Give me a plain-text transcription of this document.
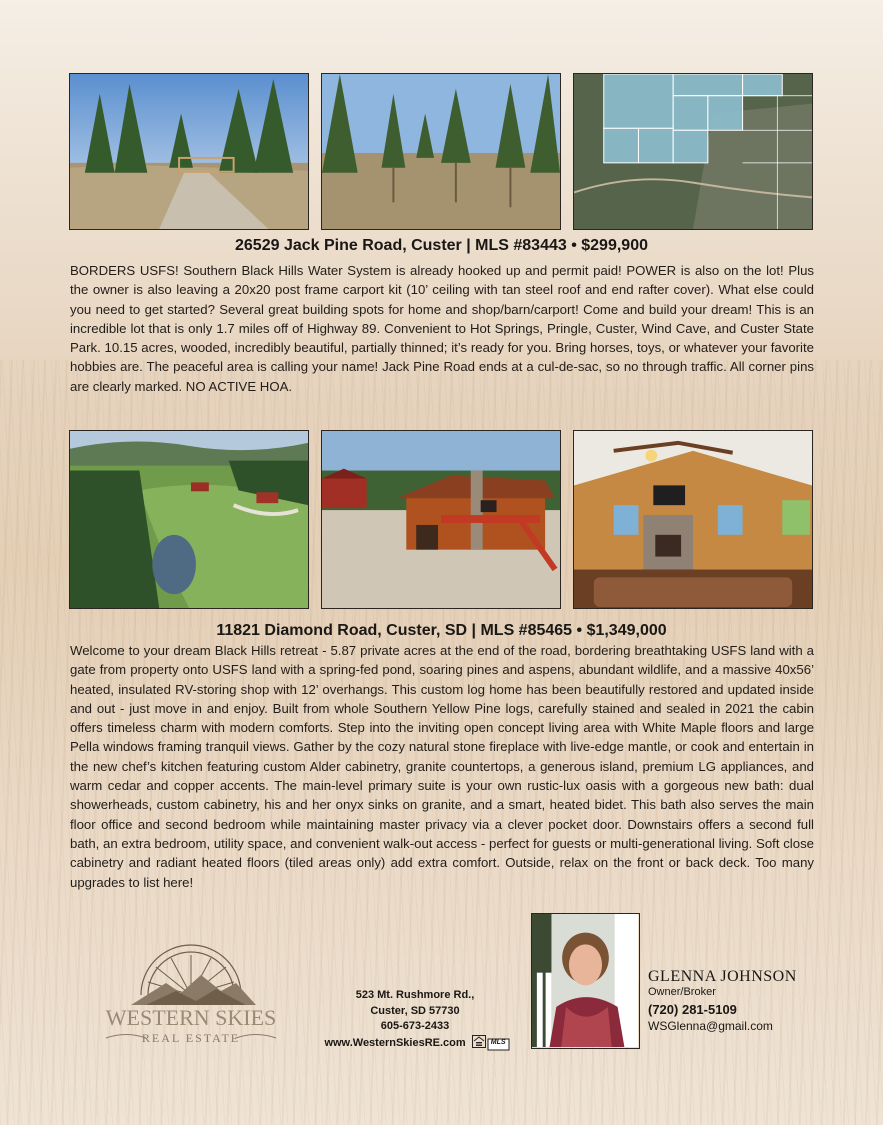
26529 Jack Pine Road, Custer | MLS #83443 • $299,900

BORDERS USFS! Southern Black Hills Water System is already hooked up and permit paid! POWER is also on the lot! Plus the owner is also leaving a 20x20 post frame carport kit (10’ ceiling with tan steel roof and end rafter cover). What else could you need to get started? Several great building spots for home and shop/barn/carport! Come and build your dream! This is an incredible lot that is only 1.7 miles off of Highway 89. Convenient to Hot Springs, Pringle, Custer, Wind Cave, and Custer State Park. 10.15 acres, wooded, incredibly beautiful, partially thinned; it’s ready for you. Bring horses, toys, or whatever your favorite hobbies are. The peaceful area is calling your name! Jack Pine Road ends at a cul-de-sac, so no through traffic. All corner pins are clearly marked. NO ACTIVE HOA.

11821 Diamond Road, Custer, SD | MLS #85465 • $1,349,000

Welcome to your dream Black Hills retreat - 5.87 private acres at the end of the road, bordering breathtaking USFS land with a gate from property onto USFS land with a spring-fed pond, soaring pines and aspens, abundant wildlife, and a massive 40x56’ heated, insulated RV-storing shop with 12’ overhangs. This custom log home has been beautifully restored and updated inside and out - just move in and enjoy. Built from whole Southern Yellow Pine logs, carefully stained and sealed in 2021 the cabin offers timeless charm with modern comforts. Step into the inviting open concept living area with White Maple floors and large Pella windows framing tranquil views. Gather by the cozy natural stone fireplace with live-edge mantle, or cook and entertain in the new chef’s kitchen featuring custom Alder cabinetry, granite countertops, a generous island, premium LG appliances, and warm cedar and copper accents. The main-level primary suite is your own rustic-lux oasis with a gorgeous new bath: dual showerheads, custom cabinetry, his and her onyx sinks on granite, and a smart, heated bidet. This bath also serves the main floor office and second bedroom while maintaining master privacy via a clever pocket door. Downstairs offers a second full bath, an extra bedroom, utility space, and convenient walk-out access - perfect for guests or multi-generational living. Soft close cabinetry and radiant heated floors (tiled areas only) add extra comfort. Outside, relax on the front or back deck. Too many upgrades to list here!

WESTERN SKIES
REAL ESTATE
523 Mt. Rushmore Rd.,
Custer, SD 57730
605-673-2433
www.WesternSkiesRE.com	MLS

GLENNA JOHNSON

Owner/Broker

(720) 281-5109

WSGlenna@gmail.com
